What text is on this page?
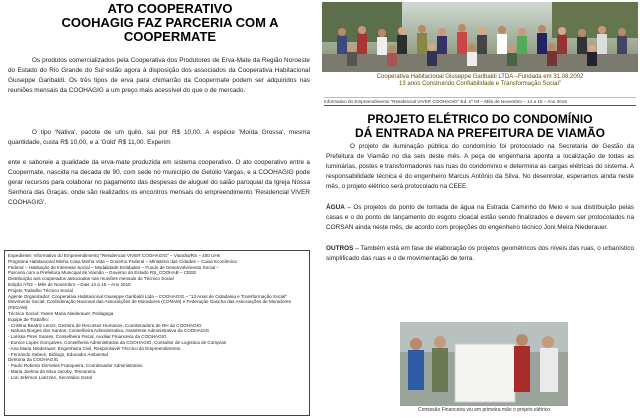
ATO COOPERATIVO
COOHAGIG FAZ PARCERIA COM A
COOPERMATE
Os produtos comercializados pela Cooperativa dos Produtores de Erva-Mate da Região Noroeste do Estado do Rio Grande do Sul estão agora à disposição dos associados da Cooperativa Habitacional Giuseppe Garibaldi. Os três tipos de erva para chimarrão da Coopermate podem ser adquiridos nas reuniões mensais da COOHAGIG a um preço mais acessível do que o de mercado.
O tipo 'Nativa', pacote de um quilo, sai por R$ 10,00. A espécie 'Moída Grossa', mesma quantidade, custa R$ 10,00, e a 'Gold' R$ 11,00. Experim
ente e saboreie a qualidade da erva-mate produzida em sistema cooperativo. O ato cooperativo entre a Coopermate, nascida na década de 90, com sede no município de Getúlio Vargas, e a COOHAGIG pode gerar recursos para colaborar no pagamento das despesas de aluguel do salão paroquial da Igreja Nossa Senhora das Graças, onde são realizados os encontros mensais do empreendimento 'Residencial VIVER COOHAGIG'.
Expediente: Informativo do Empreendimento "Residencial VIVER COOHAGIG" – Viamão/RS – 400 UHs
Programa Habitacional Minha Casa Minha Vida – Governo Federal – Ministério das Cidades – Caixa Econômica
Federal – Habitação de Interesse Social – Modalidade Entidades – Fundo de Desenvolvimento Social –
Parceria com a Prefeitura Municipal de Viamão – Governo do Estado RS_COOHAB – CEEE
Distribuição aos cooperados associados nas reuniões mensais do Técnico Social
Edição nº03 – Mês de Novembro – Dias 14 a 15 – Ano 2015
Projeto Trabalho Técnico Social
Agente Organizador: Cooperativa Habitacional Giuseppe Garibaldi Ltda – COOHAGIG – "13 Anos de Cidadania e Transformação Social"
Movimento Social: Confederação Nacional das Associações de Moradores (CONAM) e Federação Gaúcha das Associações de Moradores (FEGAM)
Técnica Social: Yanen Maria Niederauer, Pedagoga
Equipe de Trabalho:
- Cristina Beatriz Lenzs, Gestora de Recursos Humanos, Coordenadora de RH da COOHAGIG
- Nahara Borges dos Santos, Conselheira Administrativa, Assistente Administrativa da COOHAGIG
- Larissa Pires Soares, Conselheira Fiscal, Auxiliar Financeira da COOHAGIG
- Eunice Lopes Gonçalves, Conselheira Administrativa da COOHAGIG, Consultor de Logística de Compras
- Ana Maria Niederauer, Engenheira Civil, Responsável Técnico do Empreendimento
- Fernando Sebem, Biólogo, Educador Ambiental
Diretoria da COOHAGIG
- Paulo Roberto Dorneles Franqueira, Coordenador Administrativo
- Maria Joelma da Silva Jacoby, Tesoureira
- Lori Jeferson Lanzzen, Secretário Geral
Cooperativa Habitacional Giuseppe Garibaldi LTDA –Fundada em 31.08.2002
13 anos Construindo Confiabilidade e Transformação Social"
Informativo do Empreendimento "Residencial VIVER COOHAGIG" Ed. nº 03 – Mês de Novembro – 14 a 15 – Ano 2015
PROJETO ELÉTRICO DO CONDOMÍNIO
DÁ ENTRADA NA PREFEITURA DE VIAMÃO
O projeto de iluminação pública do condomínio foi protocolado na Secretaria de Gestão da Prefeitura de Viamão no dia seis deste mês. A peça de engenharia aponta a localização de todas as luminárias, postes e transformadores nas ruas do condomínio e determina as cargas elétricas do sistema. A responsabilidade técnica é do engenheiro Marcus Antônio da Silva. No desenrolar, esperamos ainda neste mês, o projeto elétrico será protocolado na CEEE.
ÁGUA – Os projetos do ponto de tomada de água na Estrada Caminho do Meio e sua distribuição pelas casas e o do ponto de lançamento do esgoto cloacal estão sendo finalizados e devem ser protocolados na CORSAN ainda neste mês, de acordo com projeções do engenheiro técnico Joni Meira Niederauer.
OUTROS – Também está em fase de elaboração os projetos geométricos dos níveis das ruas, o urbanístico simplificado das ruas e o de movimentação de terra.
Comissão Financeira viu em primeira mão o projeto elétrico
